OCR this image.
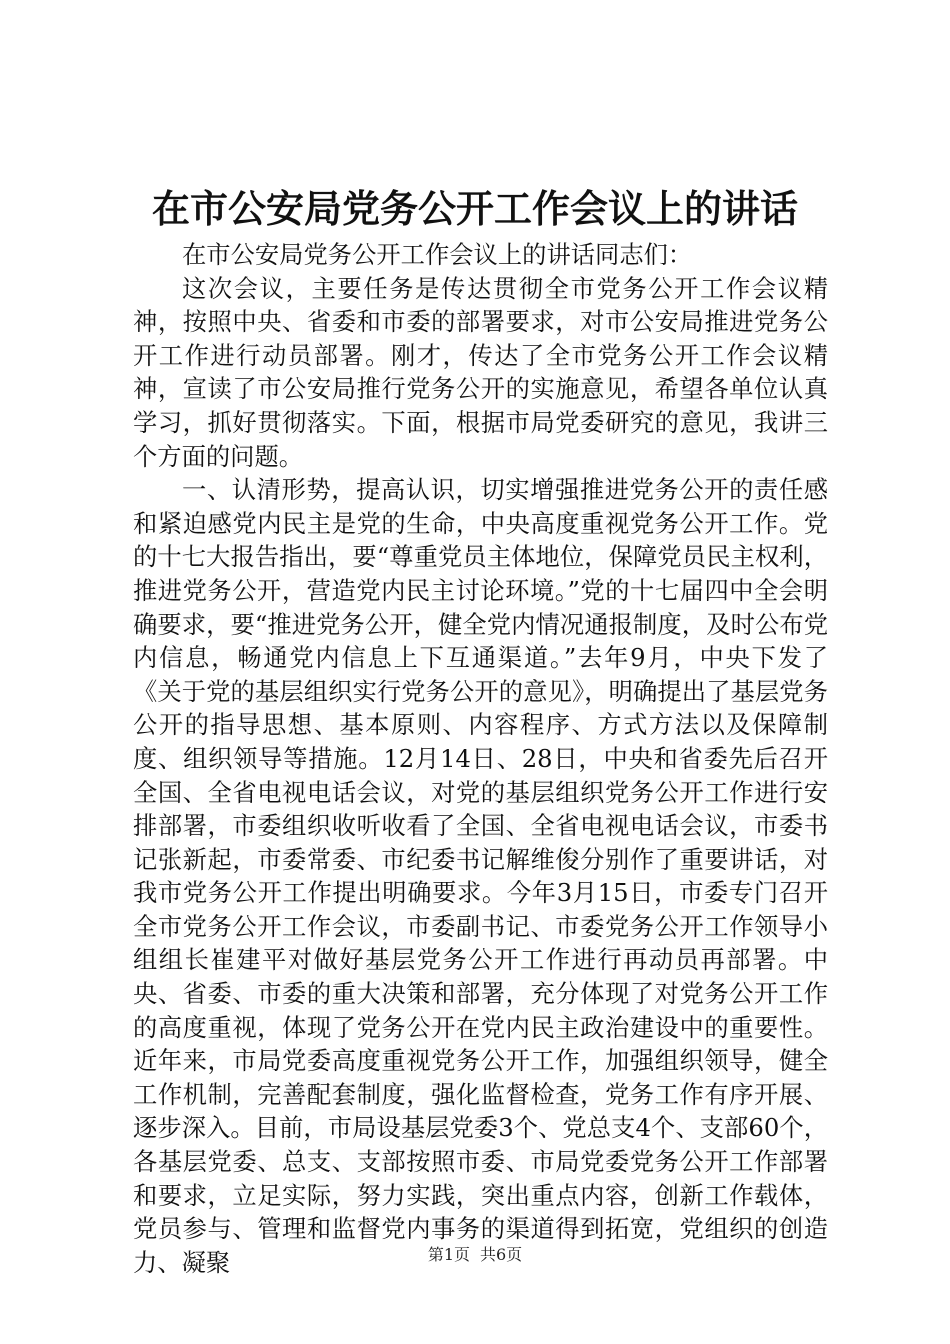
在市公安局党务公开工作会议上的讲话

在市公安局党务公开工作会议上的讲话同志们：

这次会议，主要任务是传达贯彻全市党务公开工作会议精神，按照中央、省委和市委的部署要求，对市公安局推进党务公开工作进行动员部署。刚才，传达了全市党务公开工作会议精神，宣读了市公安局推行党务公开的实施意见，希望各单位认真学习，抓好贯彻落实。下面，根据市局党委研究的意见，我讲三个方面的问题。

一、认清形势，提高认识，切实增强推进党务公开的责任感和紧迫感党内民主是党的生命，中央高度重视党务公开工作。党的十七大报告指出，要“尊重党员主体地位，保障党员民主权利，推进党务公开，营造党内民主讨论环境。”党的十七届四中全会明确要求，要“推进党务公开，健全党内情况通报制度，及时公布党内信息，畅通党内信息上下互通渠道。”去年9月，中央下发了《关于党的基层组织实行党务公开的意见》，明确提出了基层党务公开的指导思想、基本原则、内容程序、方式方法以及保障制度、组织领导等措施。12月14日、28日，中央和省委先后召开全国、全省电视电话会议，对党的基层组织党务公开工作进行安排部署，市委组织收听收看了全国、全省电视电话会议，市委书记张新起，市委常委、市纪委书记解维俊分别作了重要讲话，对我市党务公开工作提出明确要求。今年3月15日，市委专门召开全市党务公开工作会议，市委副书记、市委党务公开工作领导小组组长崔建平对做好基层党务公开工作进行再动员再部署。中央、省委、市委的重大决策和部署，充分体现了对党务公开工作的高度重视，体现了党务公开在党内民主政治建设中的重要性。近年来，市局党委高度重视党务公开工作，加强组织领导，健全工作机制，完善配套制度，强化监督检查，党务工作有序开展、逐步深入。目前，市局设基层党委3个、党总支4个、支部60个，各基层党委、总支、支部按照市委、市局党委党务公开工作部署和要求，立足实际，努力实践，突出重点内容，创新工作载体，党员参与、管理和监督党内事务的渠道得到拓宽，党组织的创造力、凝聚	第1页 共6页
